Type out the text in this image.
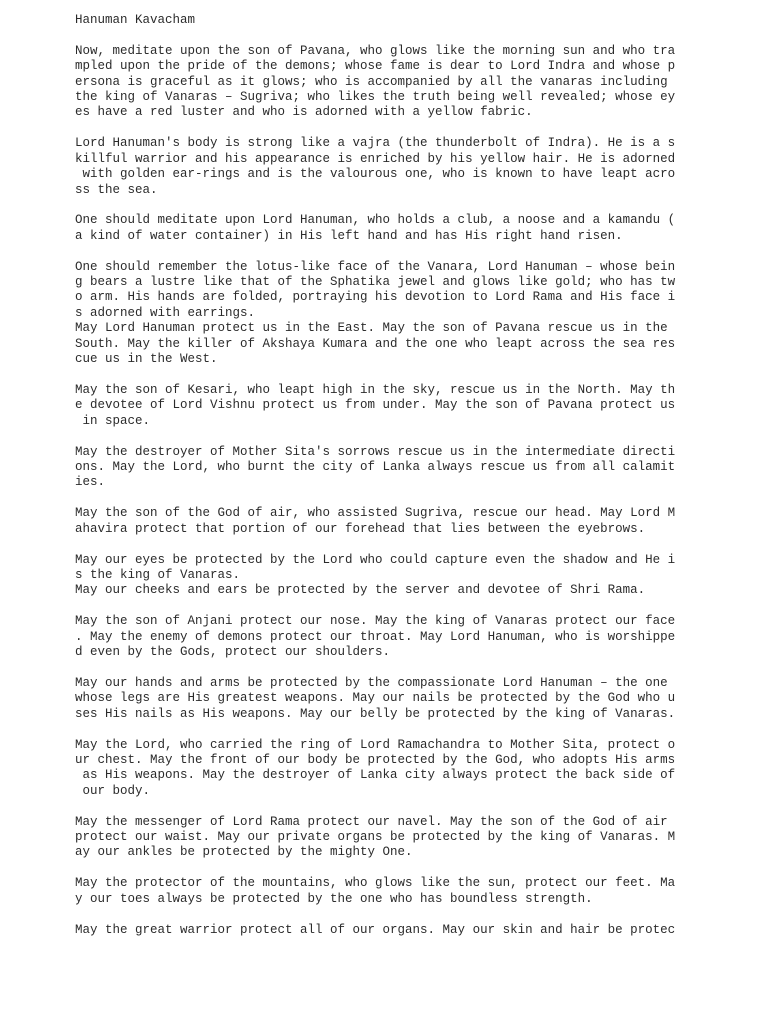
Hanuman Kavacham
Now, meditate upon the son of Pavana, who glows like the morning sun and who tra
mpled upon the pride of the demons; whose fame is dear to Lord Indra and whose p
ersona is graceful as it glows; who is accompanied by all the vanaras including
the king of Vanaras – Sugriva; who likes the truth being well revealed; whose ey
es have a red luster and who is adorned with a yellow fabric.
Lord Hanuman's body is strong like a vajra (the thunderbolt of Indra). He is a s
killful warrior and his appearance is enriched by his yellow hair. He is adorned
with golden ear-rings and is the valourous one, who is known to have leapt acro
ss the sea.
One should meditate upon Lord Hanuman, who holds a club, a noose and a kamandu (
a kind of water container) in His left hand and has His right hand risen.
One should remember the lotus-like face of the Vanara, Lord Hanuman – whose bein
g bears a lustre like that of the Sphatika jewel and glows like gold; who has tw
o arm. His hands are folded, portraying his devotion to Lord Rama and His face i
s adorned with earrings.
May Lord Hanuman protect us in the East. May the son of Pavana rescue us in the
South. May the killer of Akshaya Kumara and the one who leapt across the sea res
cue us in the West.
May the son of Kesari, who leapt high in the sky, rescue us in the North. May th
e devotee of Lord Vishnu protect us from under. May the son of Pavana protect us
in space.
May the destroyer of Mother Sita's sorrows rescue us in the intermediate directi
ons. May the Lord, who burnt the city of Lanka always rescue us from all calamit
ies.
May the son of the God of air, who assisted Sugriva, rescue our head. May Lord M
ahavira protect that portion of our forehead that lies between the eyebrows.
May our eyes be protected by the Lord who could capture even the shadow and He i
s the king of Vanaras.
May our cheeks and ears be protected by the server and devotee of Shri Rama.
May the son of Anjani protect our nose. May the king of Vanaras protect our face
. May the enemy of demons protect our throat. May Lord Hanuman, who is worshippe
d even by the Gods, protect our shoulders.
May our hands and arms be protected by the compassionate Lord Hanuman – the one
whose legs are His greatest weapons. May our nails be protected by the God who u
ses His nails as His weapons. May our belly be protected by the king of Vanaras.
May the Lord, who carried the ring of Lord Ramachandra to Mother Sita, protect o
ur chest. May the front of our body be protected by the God, who adopts His arms
as His weapons. May the destroyer of Lanka city always protect the back side of
our body.
May the messenger of Lord Rama protect our navel. May the son of the God of air
protect our waist. May our private organs be protected by the king of Vanaras. M
ay our ankles be protected by the mighty One.
May the protector of the mountains, who glows like the sun, protect our feet. Ma
y our toes always be protected by the one who has boundless strength.
May the great warrior protect all of our organs. May our skin and hair be protec
